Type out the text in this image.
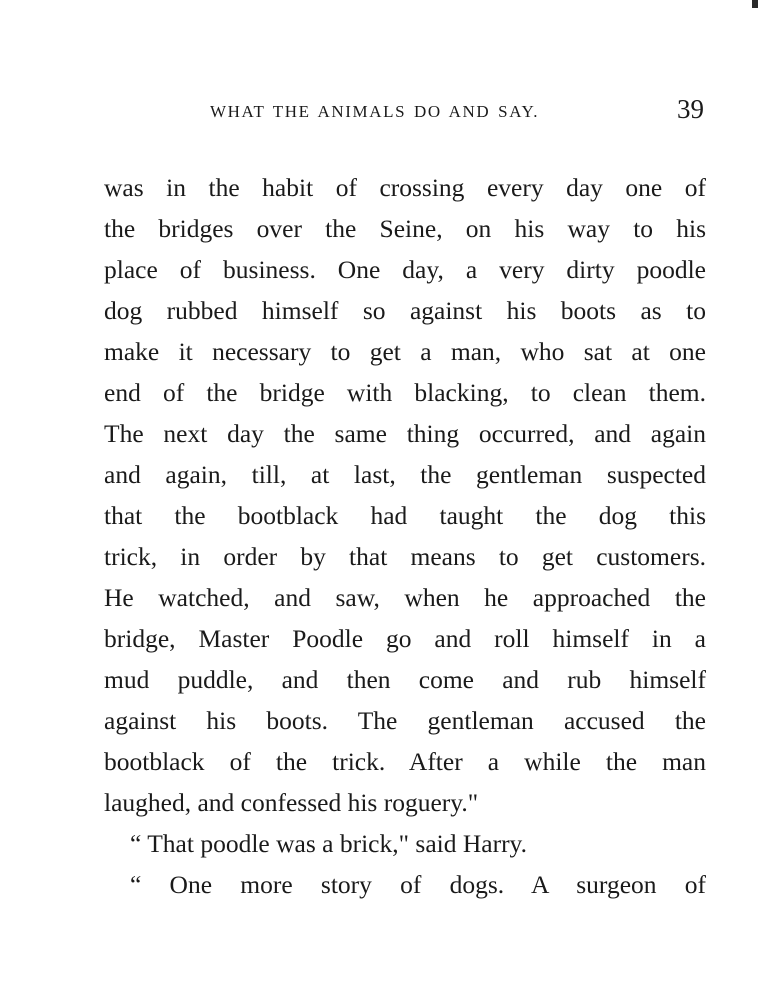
WHAT THE ANIMALS DO AND SAY.	39
was in the habit of crossing every day one of
the bridges over the Seine, on his way to his
place of business. One day, a very dirty poodle
dog rubbed himself so against his boots as to
make it necessary to get a man, who sat at one
end of the bridge with blacking, to clean them.
The next day the same thing occurred, and again
and again, till, at last, the gentleman suspected
that the bootblack had taught the dog this
trick, in order by that means to get customers.
He watched, and saw, when he approached the
bridge, Master Poodle go and roll himself in a
mud puddle, and then come and rub himself
against his boots. The gentleman accused the
bootblack of the trick. After a while the man
laughed, and confessed his roguery."
“ That poodle was a brick," said Harry.
“ One more story of dogs. A surgeon of
